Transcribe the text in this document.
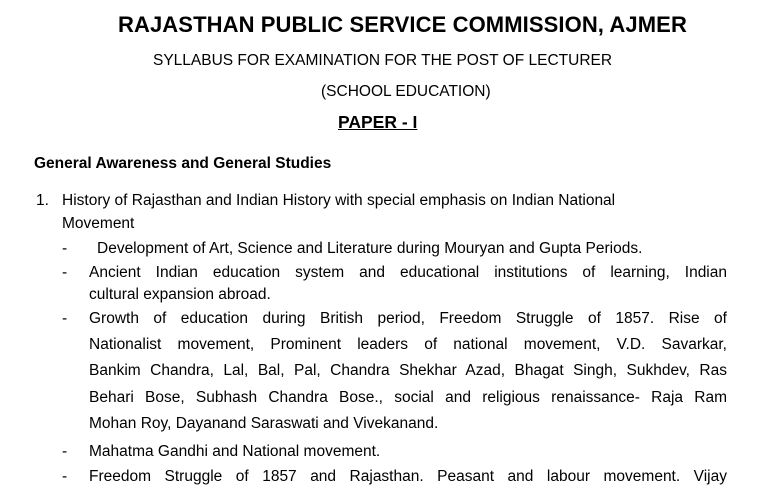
RAJASTHAN PUBLIC SERVICE COMMISSION, AJMER
SYLLABUS FOR EXAMINATION FOR THE POST OF LECTURER
(SCHOOL EDUCATION)
PAPER - I
General Awareness and General Studies
1. History of Rajasthan and Indian History with special emphasis on Indian National
Movement
- Development of Art, Science and Literature during Mouryan and Gupta Periods.
- Ancient Indian education system and educational institutions of learning, Indian
cultural expansion abroad.
- Growth of education during British period, Freedom Struggle of 1857. Rise of
Nationalist movement, Prominent leaders of national movement, V.D. Savarkar,
Bankim Chandra, Lal, Bal, Pal, Chandra Shekhar Azad, Bhagat Singh, Sukhdev, Ras
Behari Bose, Subhash Chandra Bose., social and religious renaissance- Raja Ram
Mohan Roy, Dayanand Saraswati and Vivekanand.
- Mahatma Gandhi and National movement.
- Freedom Struggle of 1857 and Rajasthan. Peasant and labour movement. Vijay
